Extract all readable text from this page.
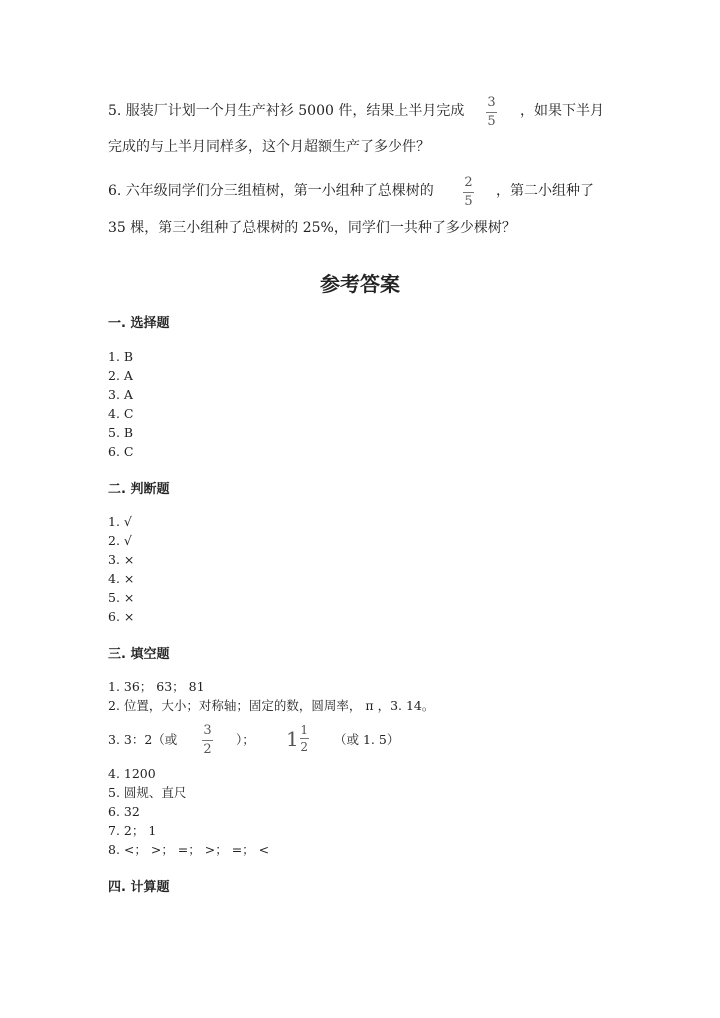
5. 服装厂计划一个月生产衬衫 5000 件，结果上半月完成
3
5
，如果下半月
完成的与上半月同样多，这个月超额生产了多少件？
6. 六年级同学们分三组植树，第一小组种了总棵树的
2
5
，第二小组种了
35 棵，第三小组种了总棵树的 25%，同学们一共种了多少棵树？
参考答案
一. 选择题
1. B
2. A
3. A
4. C
5. B
6. C
二. 判断题
1. √
2. √
3. ×
4. ×
5. ×
6. ×
三. 填空题
1. 36； 63； 81
2. 位置，大小；对称轴；固定的数，圆周率， π ，3. 14。
3. 3：2（或
3
2
）； $1 \frac{1}{2}$ （或 1. 5）
4. 1200
5. 圆规、直尺
6. 32
7. 2； 1
8. <； >； =； >； =； <
四. 计算题
